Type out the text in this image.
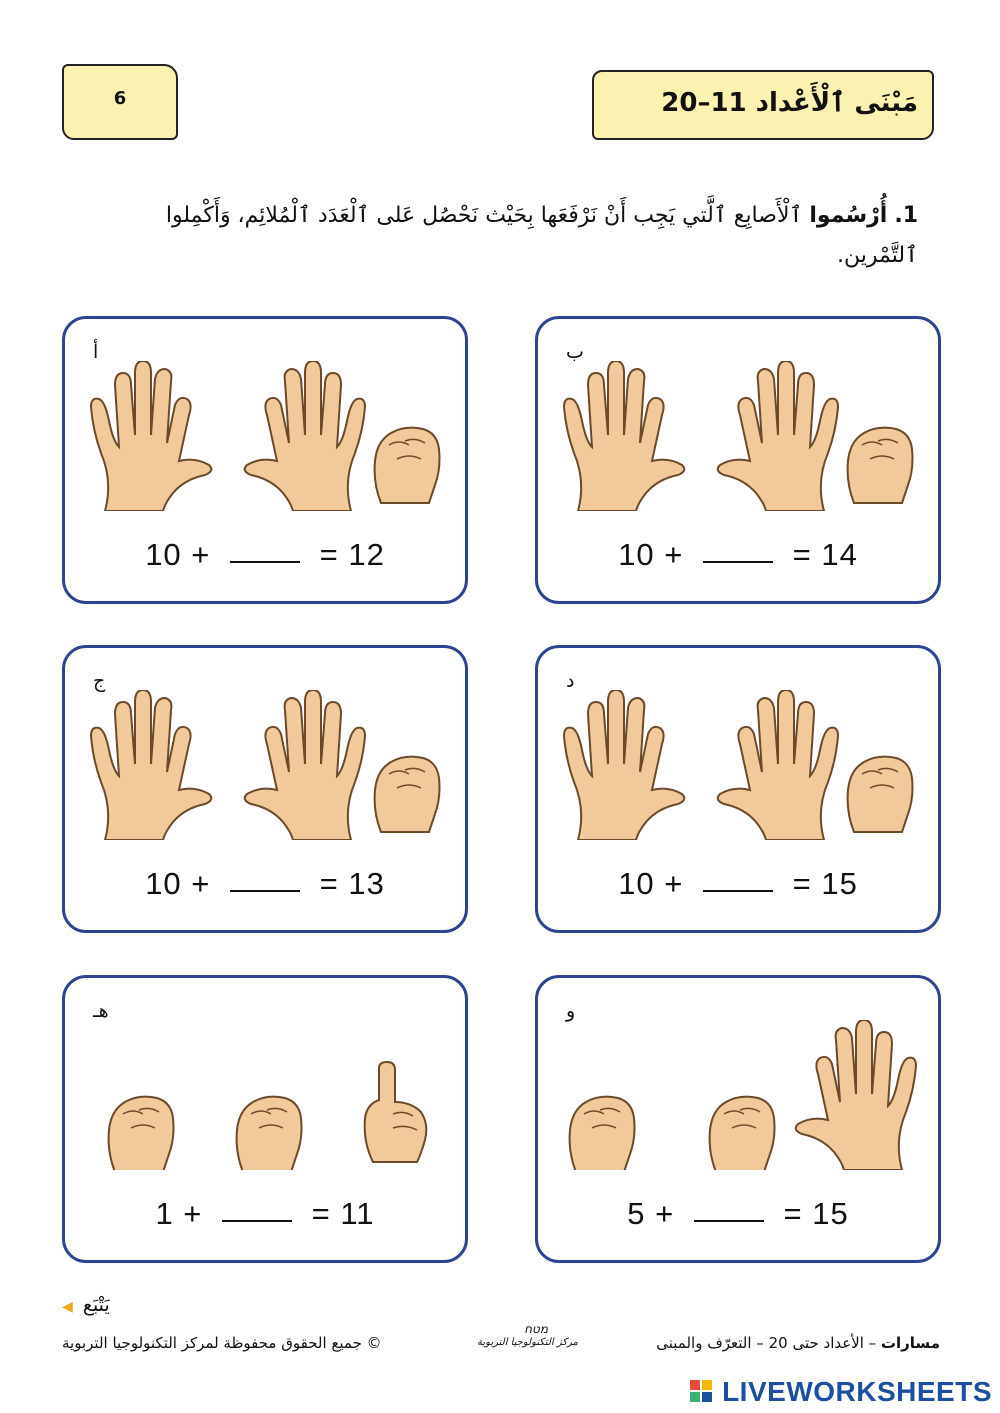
6	مَبْنَى ٱلْأَعْداد 11–20
1. أُرْسُموا ٱلْأَصابِع ٱلَّتي يَجِب أَنْ نَرْفَعَها بِحَيْث نَحْصُل عَلى ٱلْعَدَد ٱلْمُلائِم، وَأَكْمِلوا ٱلتَّمْرين.
ب
10 +	= 14
أ
10 +	= 12
د
10 +	= 15
ج
10 +	= 13
و
5 +	= 15
هـ
1 +	= 11
يَتْبَع ◀
© جميع الحقوق محفوظة لمركز التكنولوجيا التربوية
מטח
مركز التكنولوجيا التربوية	مسارات – الأعداد حتى 20 – التعرّف والمبنى
LIVEWORKSHEETS
